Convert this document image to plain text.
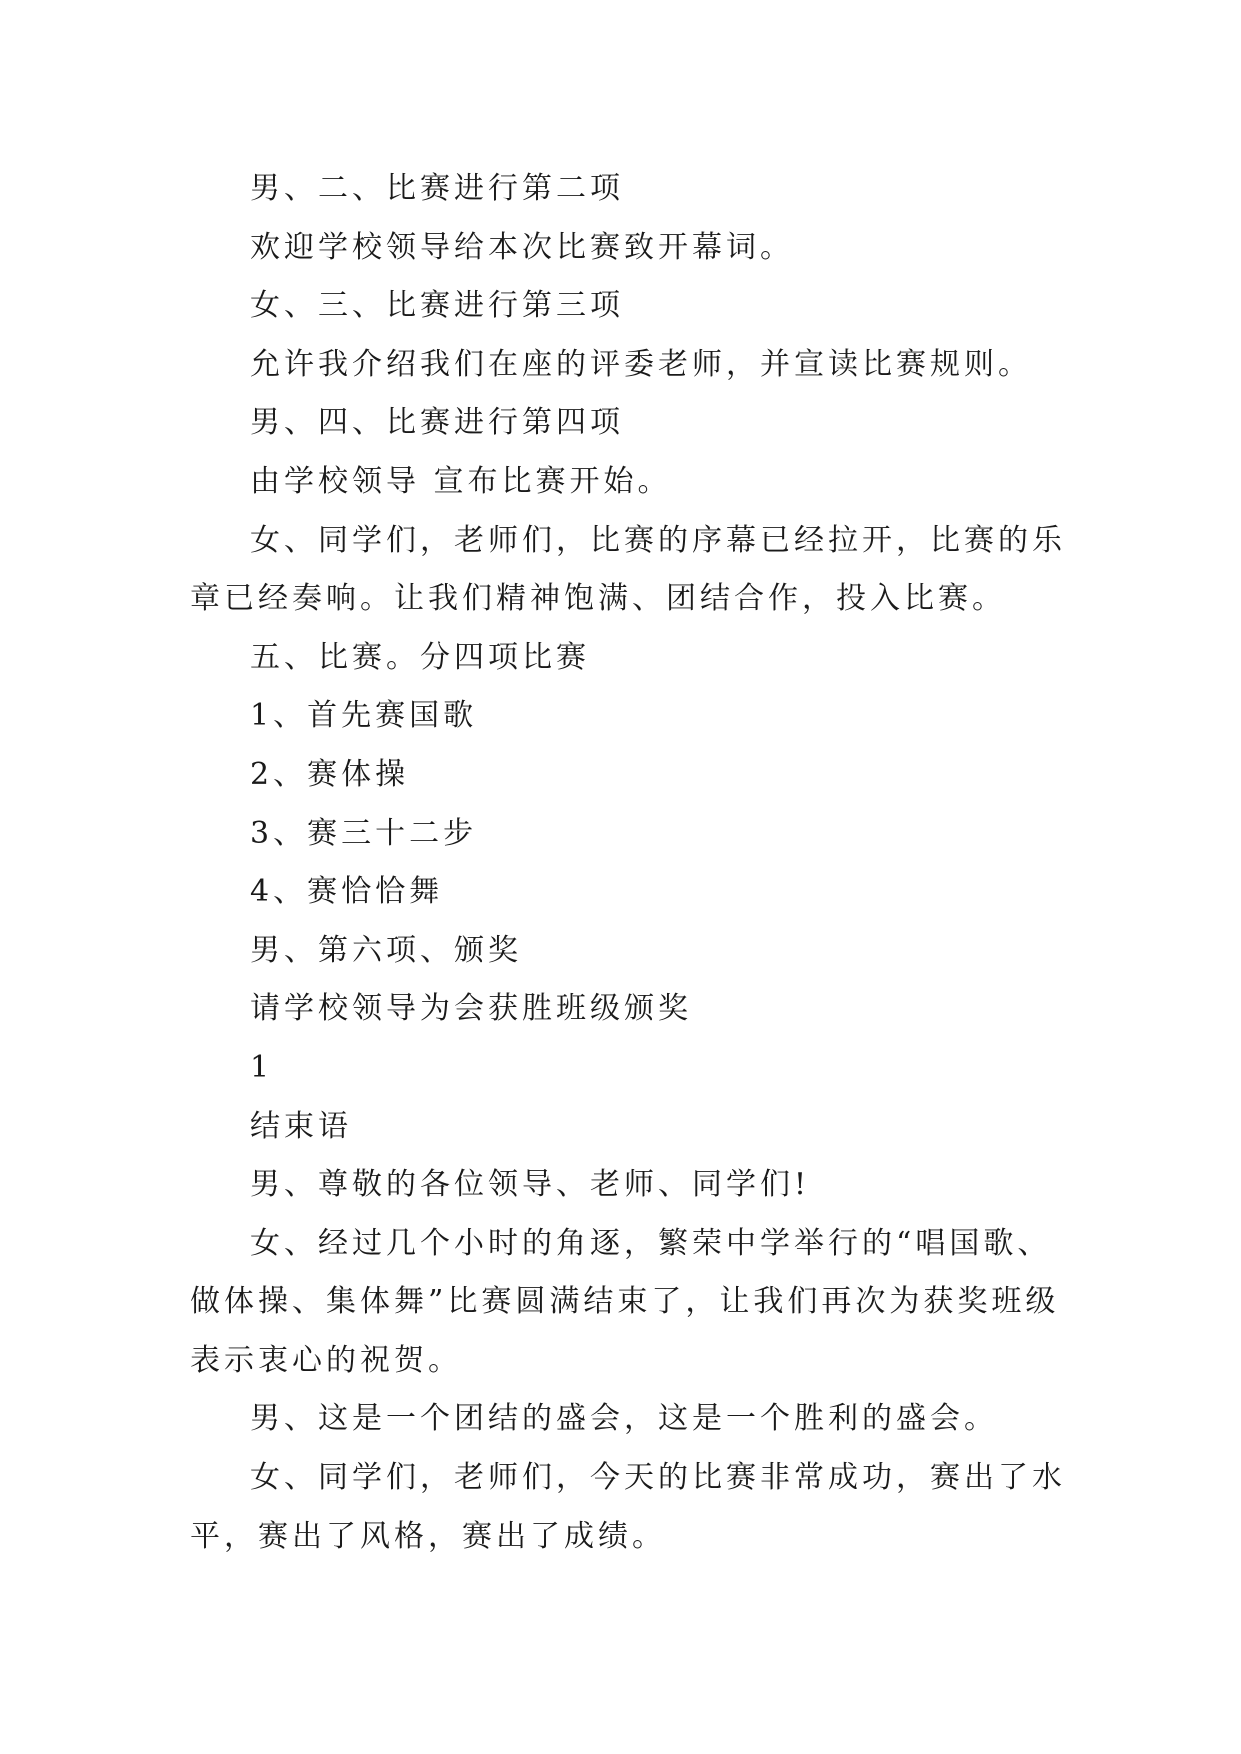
男、二、比赛进行第二项

欢迎学校领导给本次比赛致开幕词。

女、三、比赛进行第三项

允许我介绍我们在座的评委老师，并宣读比赛规则。

男、四、比赛进行第四项

由学校领导 宣布比赛开始。

女、同学们，老师们，比赛的序幕已经拉开，比赛的乐章已经奏响。让我们精神饱满、团结合作，投入比赛。

五、比赛。分四项比赛

1、首先赛国歌

2、赛体操

3、赛三十二步

4、赛恰恰舞

男、第六项、颁奖

请学校领导为会获胜班级颁奖

1

结束语

男、尊敬的各位领导、老师、同学们!

女、经过几个小时的角逐，繁荣中学举行的“唱国歌、做体操、集体舞”比赛圆满结束了，让我们再次为获奖班级表示衷心的祝贺。

男、这是一个团结的盛会，这是一个胜利的盛会。

女、同学们，老师们，今天的比赛非常成功，赛出了水平，赛出了风格，赛出了成绩。
